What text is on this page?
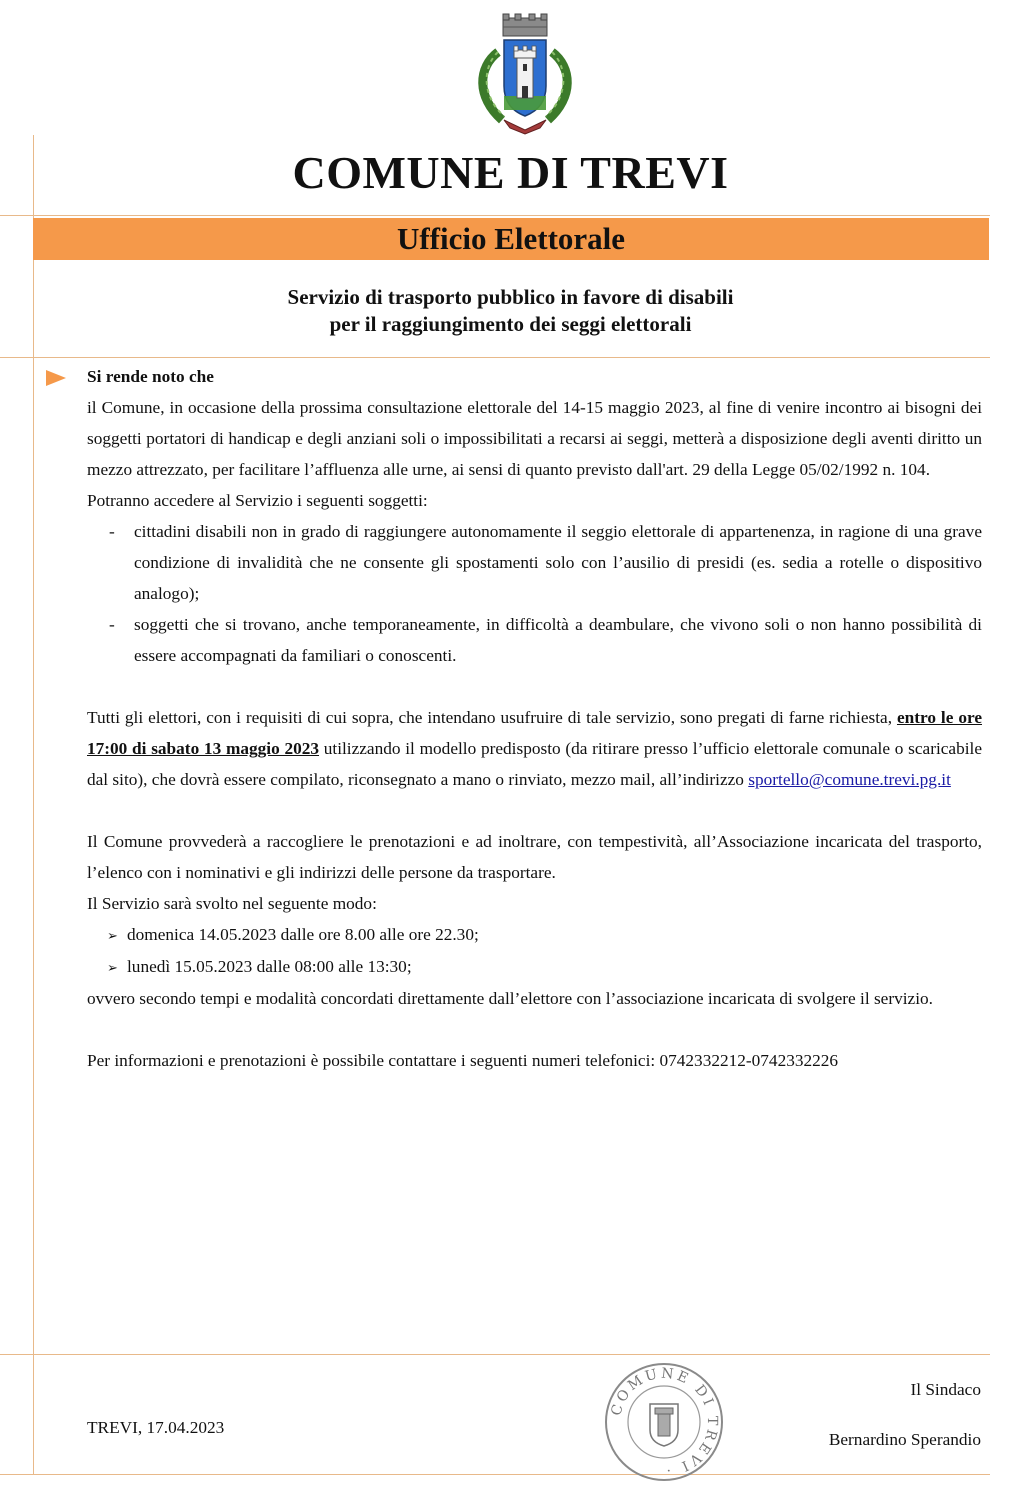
COMUNE DI TREVI
Ufficio Elettorale
Servizio di trasporto pubblico in favore di disabili
per il raggiungimento dei seggi elettorali

Si rende noto che

il Comune, in occasione della prossima consultazione elettorale del 14-15 maggio 2023, al fine di venire incontro ai bisogni dei soggetti portatori di handicap e degli anziani soli o impossibilitati a recarsi ai seggi, metterà a disposizione degli aventi diritto un mezzo attrezzato, per facilitare l’affluenza alle urne, ai sensi di quanto previsto dall'art. 29 della Legge 05/02/1992 n. 104.

Potranno accedere al Servizio i seguenti soggetti:

- cittadini disabili non in grado di raggiungere autonomamente il seggio elettorale di appartenenza, in ragione di una grave condizione di invalidità che ne consente gli spostamenti solo con l’ausilio di presidi (es. sedia a rotelle o dispositivo analogo);
- soggetti che si trovano, anche temporaneamente, in difficoltà a deambulare, che vivono soli o non hanno possibilità di essere accompagnati da familiari o conoscenti.

Tutti gli elettori, con i requisiti di cui sopra, che intendano usufruire di tale servizio, sono pregati di farne richiesta, entro le ore 17:00 di sabato 13 maggio 2023 utilizzando il modello predisposto (da ritirare presso l’ufficio elettorale comunale o scaricabile dal sito), che dovrà essere compilato, riconsegnato a mano o rinviato, mezzo mail, all’indirizzo sportello@comune.trevi.pg.it

Il Comune provvederà a raccogliere le prenotazioni e ad inoltrare, con tempestività, all’Associazione incaricata del trasporto, l’elenco con i nominativi e gli indirizzi delle persone da trasportare.

Il Servizio sarà svolto nel seguente modo:

➢ domenica 14.05.2023 dalle ore 8.00 alle ore 22.30;
➢ lunedì 15.05.2023 dalle 08:00 alle 13:30;

ovvero secondo tempi e modalità concordati direttamente dall’elettore con l’associazione incaricata di svolgere il servizio.

Per informazioni e prenotazioni è possibile contattare i seguenti numeri telefonici: 0742332212-0742332226

TREVI, 17.04.2023
COMUNE DI TREVI ·
Il Sindaco
Bernardino Sperandio
